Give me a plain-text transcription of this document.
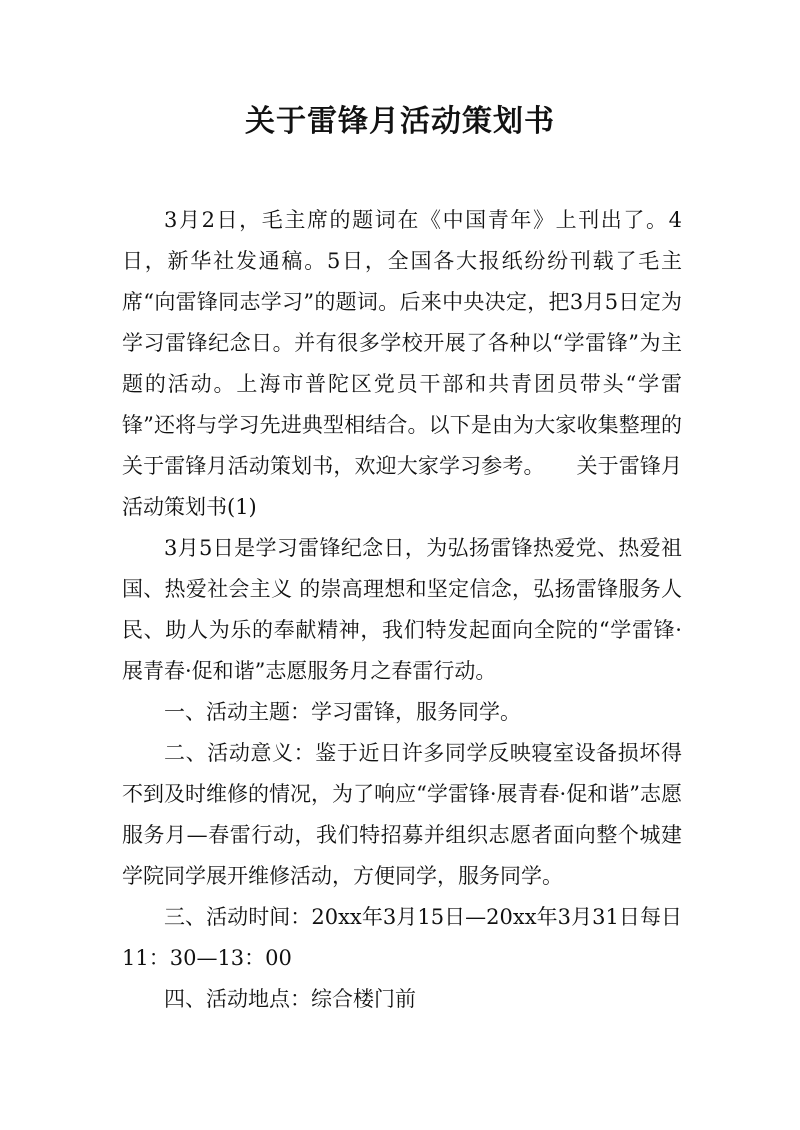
关于雷锋月活动策划书

3月2日，毛主席的题词在《中国青年》上刊出了。4日，新华社发通稿。5日，全国各大报纸纷纷刊载了毛主席“向雷锋同志学习”的题词。后来中央决定，把3月5日定为学习雷锋纪念日。并有很多学校开展了各种以“学雷锋”为主题的活动。上海市普陀区党员干部和共青团员带头“学雷锋”还将与学习先进典型相结合。以下是由为大家收集整理的关于雷锋月活动策划书，欢迎大家学习参考。　　关于雷锋月活动策划书(1)

3月5日是学习雷锋纪念日，为弘扬雷锋热爱党、热爱祖国、热爱社会主义 的崇高理想和坚定信念，弘扬雷锋服务人民、助人为乐的奉献精神，我们特发起面向全院的“学雷锋·展青春·促和谐”志愿服务月之春雷行动。

一、活动主题：学习雷锋，服务同学。

二、活动意义：鉴于近日许多同学反映寝室设备损坏得不到及时维修的情况，为了响应“学雷锋·展青春·促和谐”志愿服务月—春雷行动，我们特招募并组织志愿者面向整个城建学院同学展开维修活动，方便同学，服务同学。

三、活动时间：20xx年3月15日—20xx年3月31日每日11：30—13：00

四、活动地点：综合楼门前
